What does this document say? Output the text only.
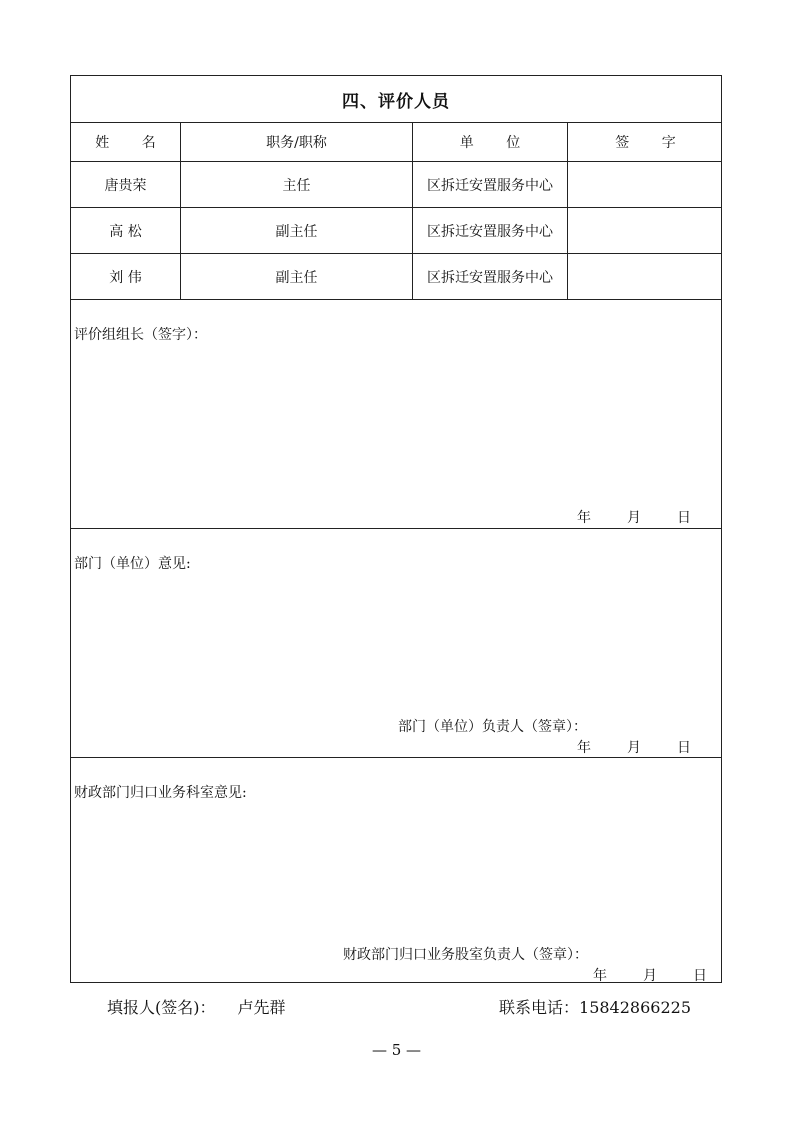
四、评价人员
姓 名	职务/职称	单 位	签 字
唐贵荣	主任	区拆迁安置服务中心
高 松	副主任	区拆迁安置服务中心
刘 伟	副主任	区拆迁安置服务中心
评价组组长（签字）：
年	月	日
部门（单位）意见:
部门（单位）负责人（签章）：
年	月	日
财政部门归口业务科室意见:
财政部门归口业务股室负责人（签章）：
年	月	日
填报人(签名)： 卢先群	联系电话：15842866225
— 5 —
